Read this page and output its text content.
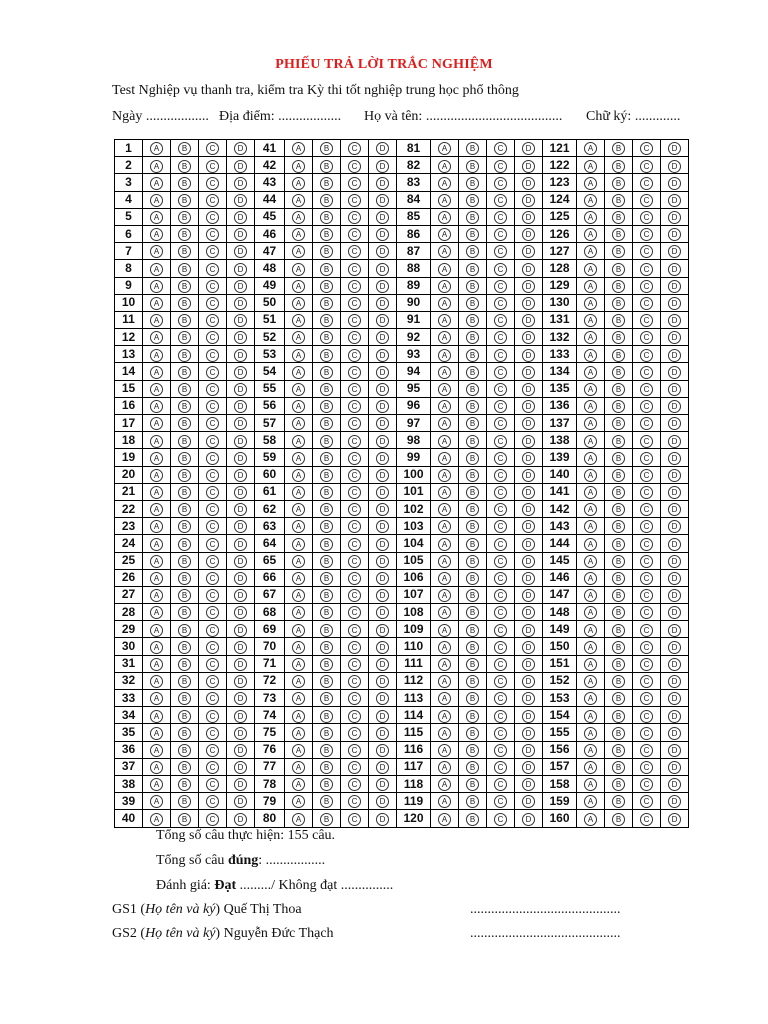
PHIẾU TRẢ LỜI TRẮC NGHIỆM
Test Nghiệp vụ thanh tra, kiểm tra Kỳ thi tốt nghiệp trung học phổ thông
Ngày .................. Địa điểm: .................. Họ và tên: ....................................... Chữ ký: .............
1	A	B	C	D	41	A	B	C	D	81	A	B	C	D	121	A	B	C	D
2	A	B	C	D	42	A	B	C	D	82	A	B	C	D	122	A	B	C	D
3	A	B	C	D	43	A	B	C	D	83	A	B	C	D	123	A	B	C	D
4	A	B	C	D	44	A	B	C	D	84	A	B	C	D	124	A	B	C	D
5	A	B	C	D	45	A	B	C	D	85	A	B	C	D	125	A	B	C	D
6	A	B	C	D	46	A	B	C	D	86	A	B	C	D	126	A	B	C	D
7	A	B	C	D	47	A	B	C	D	87	A	B	C	D	127	A	B	C	D
8	A	B	C	D	48	A	B	C	D	88	A	B	C	D	128	A	B	C	D
9	A	B	C	D	49	A	B	C	D	89	A	B	C	D	129	A	B	C	D
10	A	B	C	D	50	A	B	C	D	90	A	B	C	D	130	A	B	C	D
11	A	B	C	D	51	A	B	C	D	91	A	B	C	D	131	A	B	C	D
12	A	B	C	D	52	A	B	C	D	92	A	B	C	D	132	A	B	C	D
13	A	B	C	D	53	A	B	C	D	93	A	B	C	D	133	A	B	C	D
14	A	B	C	D	54	A	B	C	D	94	A	B	C	D	134	A	B	C	D
15	A	B	C	D	55	A	B	C	D	95	A	B	C	D	135	A	B	C	D
16	A	B	C	D	56	A	B	C	D	96	A	B	C	D	136	A	B	C	D
17	A	B	C	D	57	A	B	C	D	97	A	B	C	D	137	A	B	C	D
18	A	B	C	D	58	A	B	C	D	98	A	B	C	D	138	A	B	C	D
19	A	B	C	D	59	A	B	C	D	99	A	B	C	D	139	A	B	C	D
20	A	B	C	D	60	A	B	C	D	100	A	B	C	D	140	A	B	C	D
21	A	B	C	D	61	A	B	C	D	101	A	B	C	D	141	A	B	C	D
22	A	B	C	D	62	A	B	C	D	102	A	B	C	D	142	A	B	C	D
23	A	B	C	D	63	A	B	C	D	103	A	B	C	D	143	A	B	C	D
24	A	B	C	D	64	A	B	C	D	104	A	B	C	D	144	A	B	C	D
25	A	B	C	D	65	A	B	C	D	105	A	B	C	D	145	A	B	C	D
26	A	B	C	D	66	A	B	C	D	106	A	B	C	D	146	A	B	C	D
27	A	B	C	D	67	A	B	C	D	107	A	B	C	D	147	A	B	C	D
28	A	B	C	D	68	A	B	C	D	108	A	B	C	D	148	A	B	C	D
29	A	B	C	D	69	A	B	C	D	109	A	B	C	D	149	A	B	C	D
30	A	B	C	D	70	A	B	C	D	110	A	B	C	D	150	A	B	C	D
31	A	B	C	D	71	A	B	C	D	111	A	B	C	D	151	A	B	C	D
32	A	B	C	D	72	A	B	C	D	112	A	B	C	D	152	A	B	C	D
33	A	B	C	D	73	A	B	C	D	113	A	B	C	D	153	A	B	C	D
34	A	B	C	D	74	A	B	C	D	114	A	B	C	D	154	A	B	C	D
35	A	B	C	D	75	A	B	C	D	115	A	B	C	D	155	A	B	C	D
36	A	B	C	D	76	A	B	C	D	116	A	B	C	D	156	A	B	C	D
37	A	B	C	D	77	A	B	C	D	117	A	B	C	D	157	A	B	C	D
38	A	B	C	D	78	A	B	C	D	118	A	B	C	D	158	A	B	C	D
39	A	B	C	D	79	A	B	C	D	119	A	B	C	D	159	A	B	C	D
40	A	B	C	D	80	A	B	C	D	120	A	B	C	D	160	A	B	C	D
Tổng số câu thực hiện: 155 câu.
Tổng số câu đúng: .................
Đánh giá: Đạt ........./ Không đạt ...............
GS1 (Họ tên và ký) Quế Thị Thoa	...........................................
GS2 (Họ tên và ký) Nguyễn Đức Thạch	...........................................
